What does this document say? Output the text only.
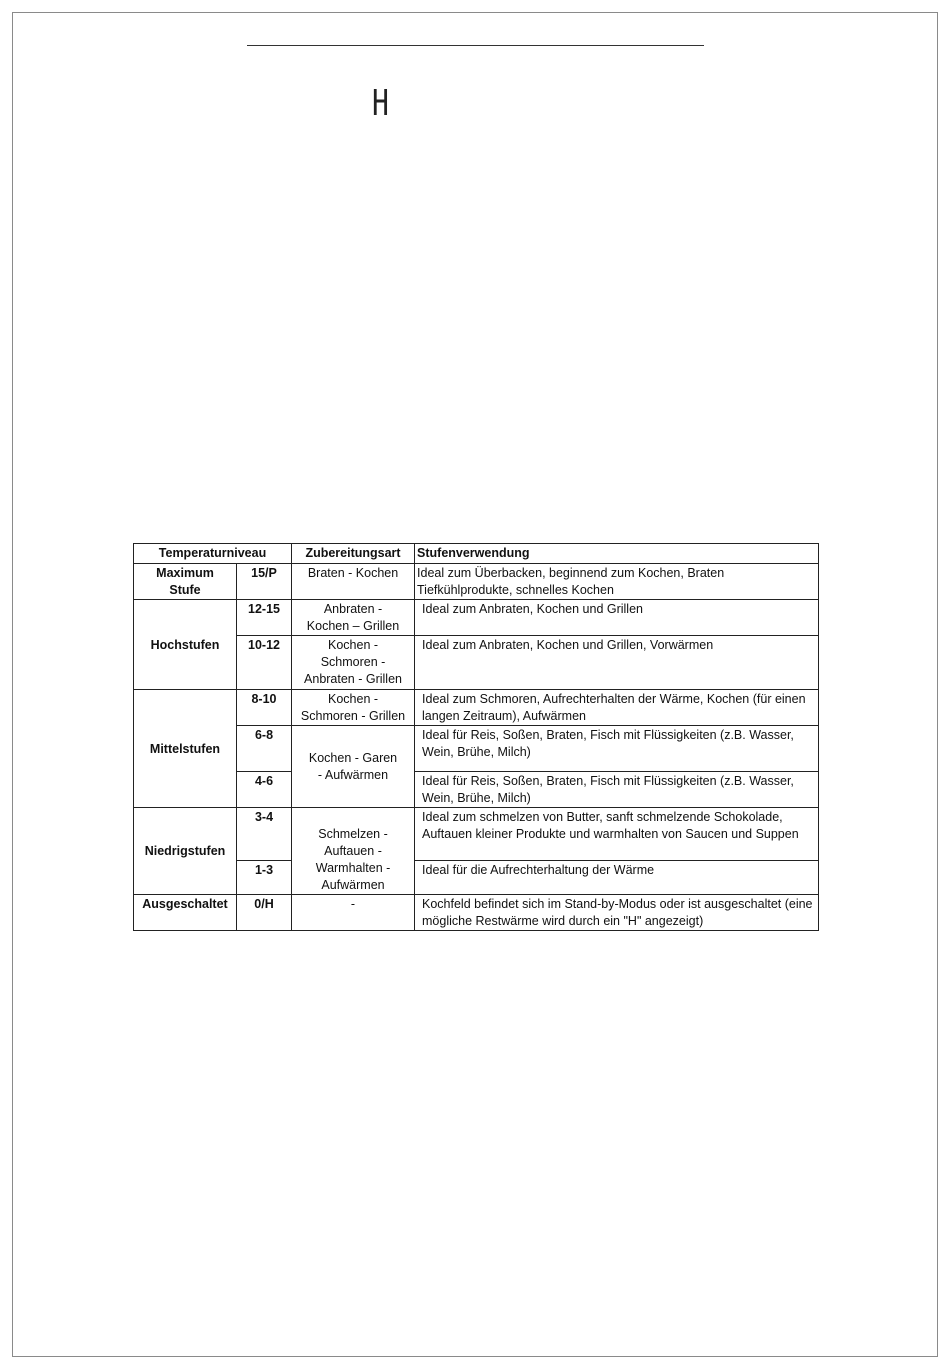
H
Temperaturniveau		Zubereitungsart	Stufenverwendung
Maximum Stufe	15/P	Braten - Kochen	Ideal zum Überbacken, beginnend zum Kochen, Braten Tiefkühlprodukte, schnelles Kochen
Hochstufen	12-15	Anbraten - Kochen – Grillen	Ideal zum Anbraten, Kochen und Grillen
	10-12	Kochen - Schmoren - Anbraten - Grillen	Ideal zum Anbraten, Kochen und Grillen, Vorwärmen
Mittelstufen	8-10	Kochen - Schmoren - Grillen	Ideal zum Schmoren, Aufrechterhalten der Wärme, Kochen (für einen langen Zeitraum), Aufwärmen
	6-8	Kochen - Garen - Aufwärmen	Ideal für Reis, Soßen, Braten, Fisch mit Flüssigkeiten (z.B. Wasser, Wein, Brühe, Milch)
	4-6		Ideal für Reis, Soßen, Braten, Fisch mit Flüssigkeiten (z.B. Wasser, Wein, Brühe, Milch)
Niedrigstufen	3-4	Schmelzen - Auftauen - Warmhalten - Aufwärmen	Ideal zum schmelzen von Butter, sanft schmelzende Schokolade, Auftauen kleiner Produkte und warmhalten von Saucen und Suppen
	1-3		Ideal für die Aufrechterhaltung der Wärme
Ausgeschaltet	0/H	-	Kochfeld befindet sich im Stand-by-Modus oder ist ausgeschaltet (eine mögliche Restwärme wird durch ein "H" angezeigt)
